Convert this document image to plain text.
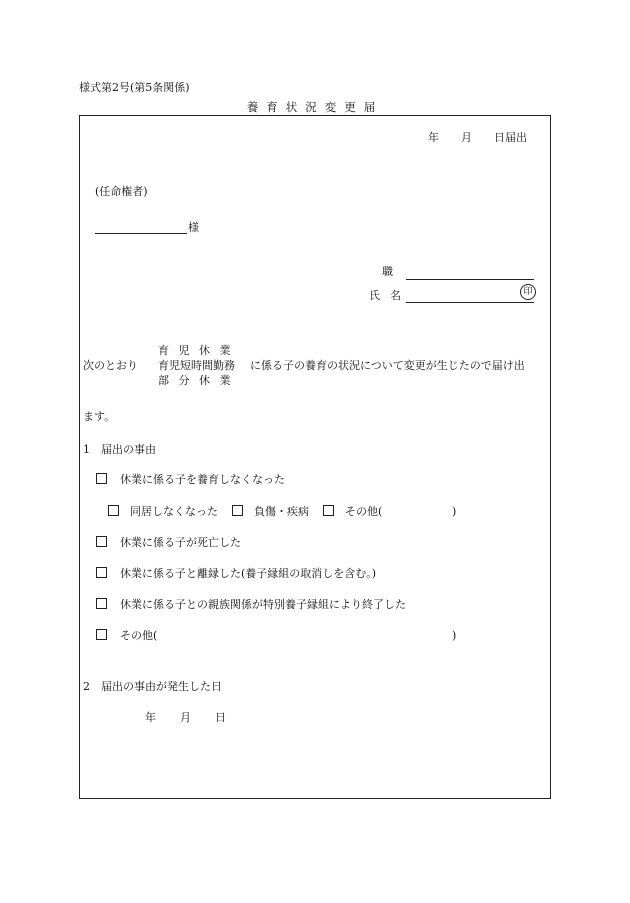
様式第2号(第5条関係)
養育状況変更届
年 月 日届出
(任命権者)
様
職
氏名	印
育児休業
次のとおり 育児短時間勤務 に係る子の養育の状況について変更が生じたので届け出
部分休業
ます。
1 届出の事由
休業に係る子を養育しなくなった
同居しなくなった	負傷・疾病	その他(	)
休業に係る子が死亡した
休業に係る子と離縁した(養子縁組の取消しを含む。)
休業に係る子との親族関係が特別養子縁組により終了した
その他(	)
2 届出の事由が発生した日
年 月 日
